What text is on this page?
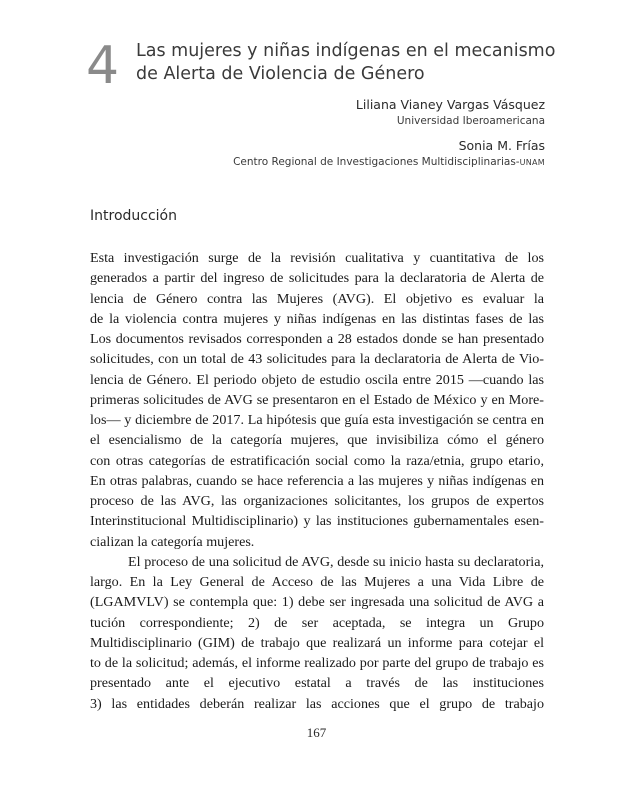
4 Las mujeres y niñas indígenas en el mecanismo
de Alerta de Violencia de Género
Liliana Vianey Vargas Vásquez
Universidad Iberoamericana
Sonia M. Frías
Centro Regional de Investigaciones Multidisciplinarias-UNAM
Introducción
Esta investigación surge de la revisión cualitativa y cuantitativa de los
generados a partir del ingreso de solicitudes para la declaratoria de Alerta de
lencia de Género contra las Mujeres (AVG). El objetivo es evaluar la
de la violencia contra mujeres y niñas indígenas en las distintas fases de las
Los documentos revisados corresponden a 28 estados donde se han presentado
solicitudes, con un total de 43 solicitudes para la declaratoria de Alerta de Vio-
lencia de Género. El periodo objeto de estudio oscila entre 2015 —cuando las
primeras solicitudes de AVG se presentaron en el Estado de México y en More-
los— y diciembre de 2017. La hipótesis que guía esta investigación se centra en
el esencialismo de la categoría mujeres, que invisibiliza cómo el género
con otras categorías de estratificación social como la raza/etnia, grupo etario,
En otras palabras, cuando se hace referencia a las mujeres y niñas indígenas en
proceso de las AVG, las organizaciones solicitantes, los grupos de expertos
Interinstitucional Multidisciplinario) y las instituciones gubernamentales esen-
cializan la categoría mujeres.
El proceso de una solicitud de AVG, desde su inicio hasta su declaratoria,
largo. En la Ley General de Acceso de las Mujeres a una Vida Libre de
(LGAMVLV) se contempla que: 1) debe ser ingresada una solicitud de AVG a
tución correspondiente; 2) de ser aceptada, se integra un Grupo
Multidisciplinario (GIM) de trabajo que realizará un informe para cotejar el
to de la solicitud; además, el informe realizado por parte del grupo de trabajo es
presentado ante el ejecutivo estatal a través de las instituciones
3) las entidades deberán realizar las acciones que el grupo de trabajo
167
